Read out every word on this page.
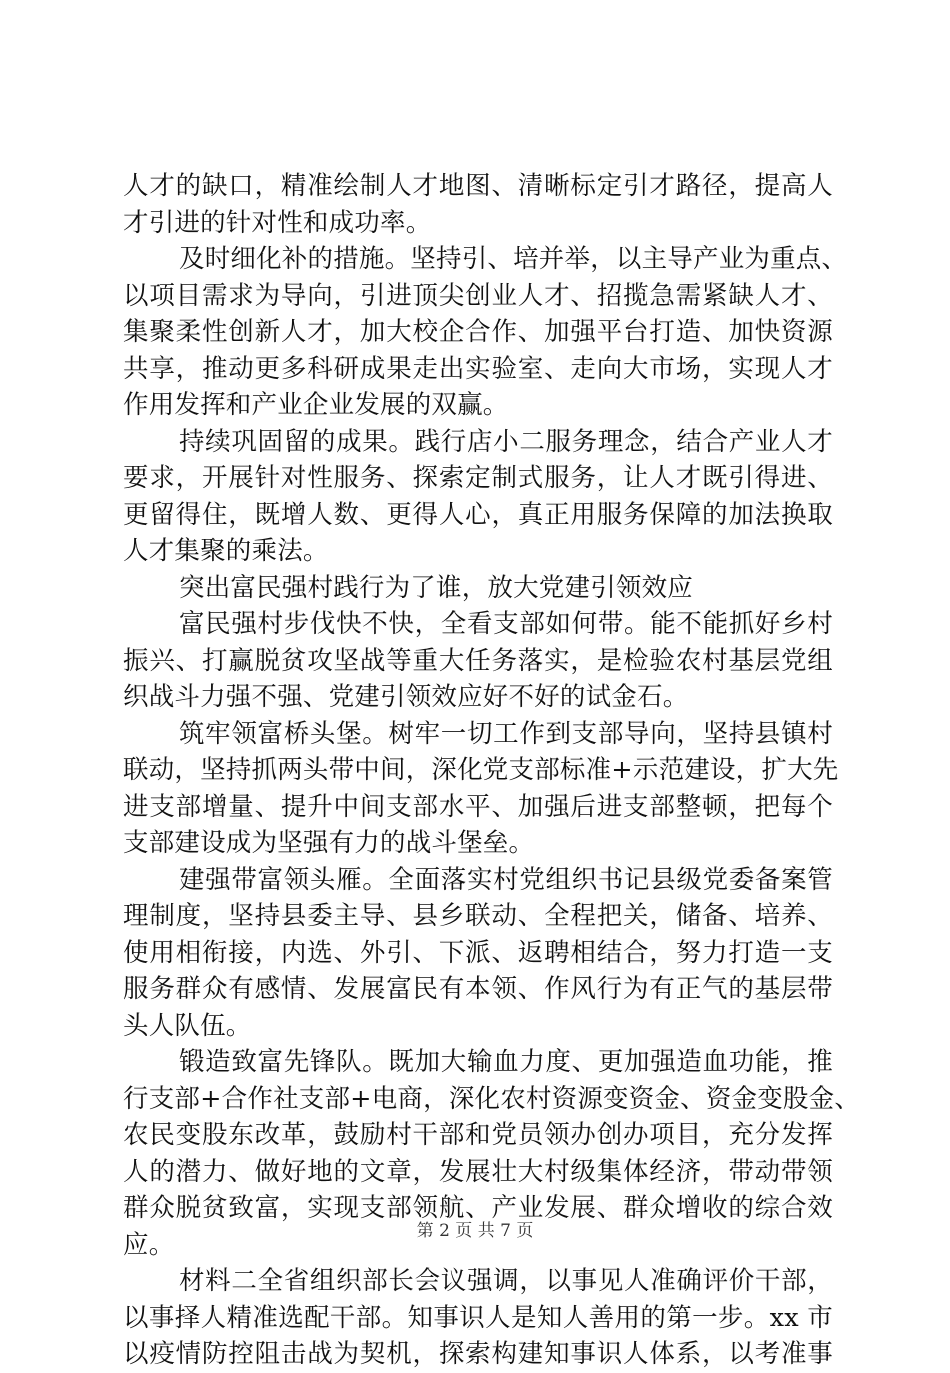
人才的缺口，精准绘制人才地图、清晰标定引才路径，提高人
才引进的针对性和成功率。
及时细化补的措施。坚持引、培并举，以主导产业为重点、
以项目需求为导向，引进顶尖创业人才、招揽急需紧缺人才、
集聚柔性创新人才，加大校企合作、加强平台打造、加快资源
共享，推动更多科研成果走出实验室、走向大市场，实现人才
作用发挥和产业企业发展的双赢。
持续巩固留的成果。践行店小二服务理念，结合产业人才
要求，开展针对性服务、探索定制式服务，让人才既引得进、
更留得住，既增人数、更得人心，真正用服务保障的加法换取
人才集聚的乘法。
突出富民强村践行为了谁，放大党建引领效应
富民强村步伐快不快，全看支部如何带。能不能抓好乡村
振兴、打赢脱贫攻坚战等重大任务落实，是检验农村基层党组
织战斗力强不强、党建引领效应好不好的试金石。
筑牢领富桥头堡。树牢一切工作到支部导向，坚持县镇村
联动，坚持抓两头带中间，深化党支部标准+示范建设，扩大先
进支部增量、提升中间支部水平、加强后进支部整顿，把每个
支部建设成为坚强有力的战斗堡垒。
建强带富领头雁。全面落实村党组织书记县级党委备案管
理制度，坚持县委主导、县乡联动、全程把关，储备、培养、
使用相衔接，内选、外引、下派、返聘相结合，努力打造一支
服务群众有感情、发展富民有本领、作风行为有正气的基层带
头人队伍。
锻造致富先锋队。既加大输血力度、更加强造血功能，推
行支部+合作社支部+电商，深化农村资源变资金、资金变股金、
农民变股东改革，鼓励村干部和党员领办创办项目，充分发挥
人的潜力、做好地的文章，发展壮大村级集体经济，带动带领
群众脱贫致富，实现支部领航、产业发展、群众增收的综合效
应。
材料二全省组织部长会议强调，以事见人准确评价干部，
以事择人精准选配干部。知事识人是知人善用的第一步。xx 市
以疫情防控阻击战为契机，探索构建知事识人体系，以考准事
第 2 页 共 7 页
